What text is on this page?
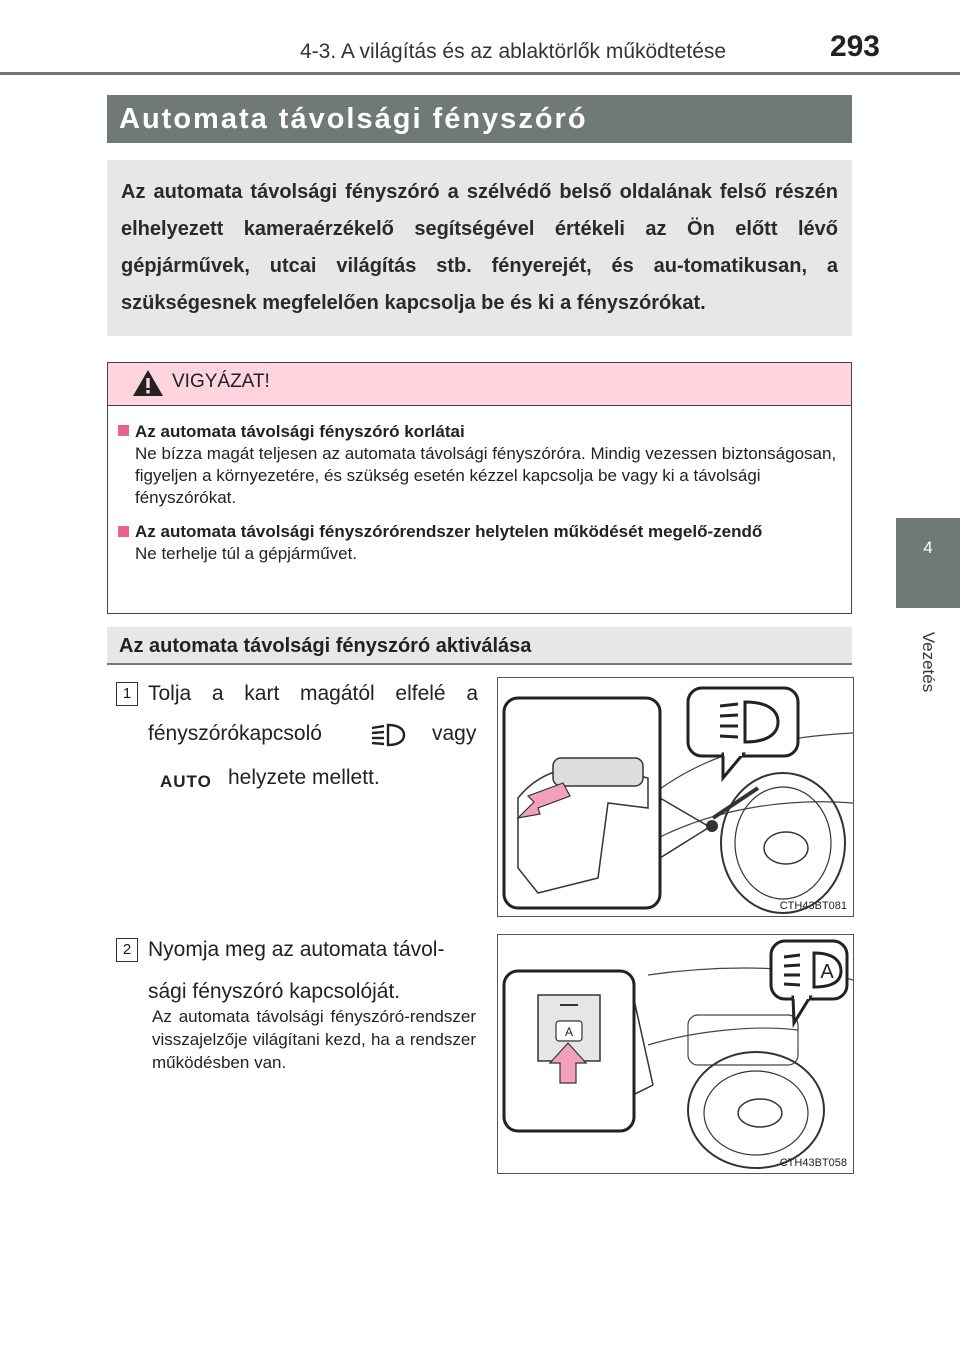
4-3. A világítás és az ablaktörlők működtetése	293
4
Vezetés
Automata távolsági fényszóró
Az automata távolsági fényszóró a szélvédő belső oldalának felső részén elhelyezett kameraérzékelő segítségével értékeli az Ön előtt lévő gépjárművek, utcai világítás stb. fényerejét, és au-tomatikusan, a szükségesnek megfelelően kapcsolja be és ki a fényszórókat.
VIGYÁZAT!
Az automata távolsági fényszóró korlátai
Ne bízza magát teljesen az automata távolsági fényszóróra. Mindig vezessen biztonságosan, figyeljen a környezetére, és szükség esetén kézzel kapcsolja be vagy ki a távolsági fényszórókat.
Az automata távolsági fényszórórendszer helytelen működését megelő-zendő
Ne terhelje túl a gépjárművet.
Az automata távolsági fényszóró aktiválása
1 Tolja a kart magától elfelé a
fényszórókapcsoló	vagy
AUTO helyzete mellett.
CTH43BT081
2 Nyomja meg az automata távol-sági fényszóró kapcsolóját.
Az automata távolsági fényszóró-rendszer visszajelzője világítani kezd, ha a rendszer működésben van.
A
A
CTH43BT058
